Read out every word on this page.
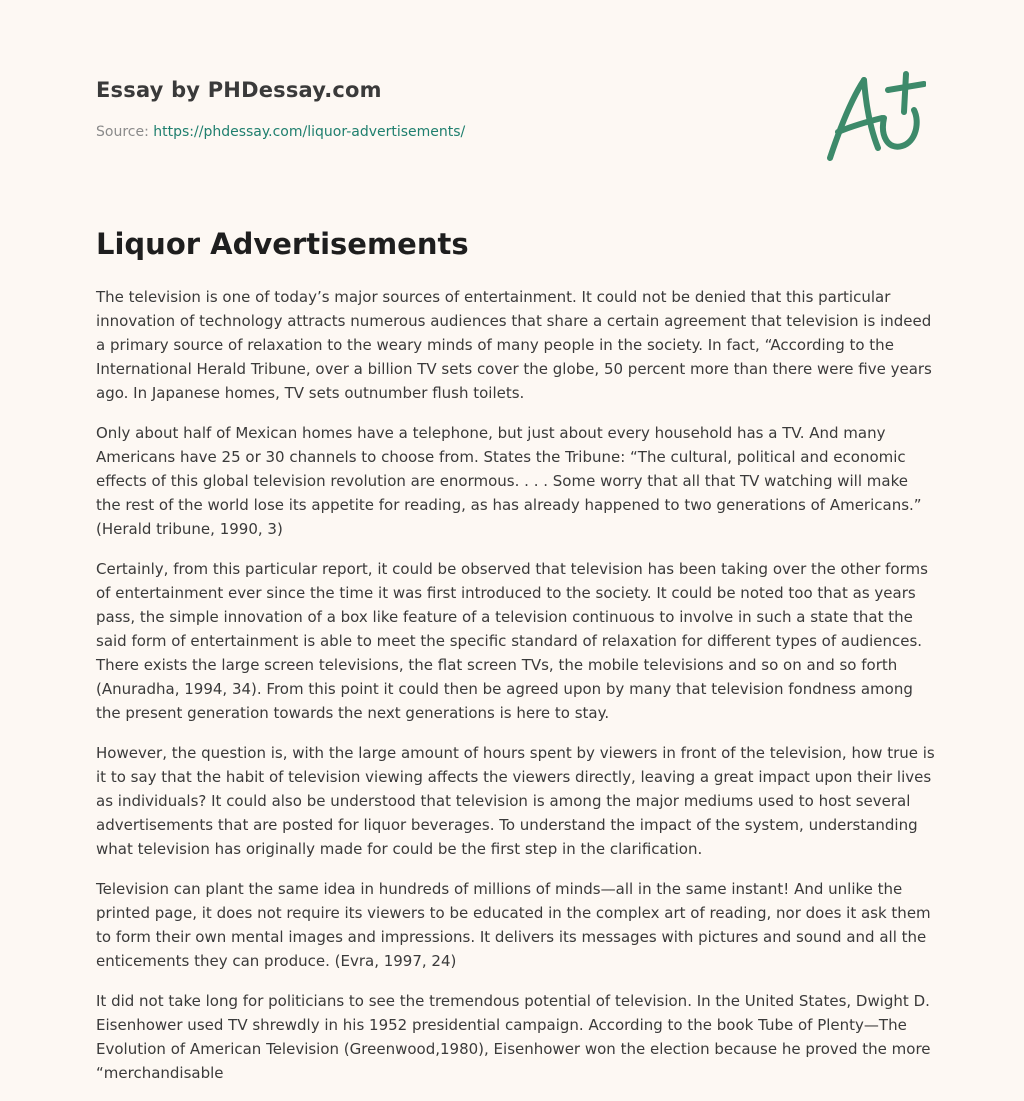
Essay by PHDessay.com
Source: https://phdessay.com/liquor-advertisements/
Liquor Advertisements

The television is one of today’s major sources of entertainment. It could not be denied that this particular innovation of technology attracts numerous audiences that share a certain agreement that television is indeed a primary source of relaxation to the weary minds of many people in the society. In fact, “According to the International Herald Tribune, over a billion TV sets cover the globe, 50 percent more than there were five years ago. In Japanese homes, TV sets outnumber flush toilets.

Only about half of Mexican homes have a telephone, but just about every household has a TV. And many Americans have 25 or 30 channels to choose from. States the Tribune: “The cultural, political and economic effects of this global television revolution are enormous. . . . Some worry that all that TV watching will make the rest of the world lose its appetite for reading, as has already happened to two generations of Americans.” (Herald tribune, 1990, 3)

Certainly, from this particular report, it could be observed that television has been taking over the other forms of entertainment ever since the time it was first introduced to the society. It could be noted too that as years pass, the simple innovation of a box like feature of a television continuous to involve in such a state that the said form of entertainment is able to meet the specific standard of relaxation for different types of audiences. There exists the large screen televisions, the flat screen TVs, the mobile televisions and so on and so forth (Anuradha, 1994, 34). From this point it could then be agreed upon by many that television fondness among the present generation towards the next generations is here to stay.

However, the question is, with the large amount of hours spent by viewers in front of the television, how true is it to say that the habit of television viewing affects the viewers directly, leaving a great impact upon their lives as individuals? It could also be understood that television is among the major mediums used to host several advertisements that are posted for liquor beverages. To understand the impact of the system, understanding what television has originally made for could be the first step in the clarification.

Television can plant the same idea in hundreds of millions of minds—all in the same instant! And unlike the printed page, it does not require its viewers to be educated in the complex art of reading, nor does it ask them to form their own mental images and impressions. It delivers its messages with pictures and sound and all the enticements they can produce. (Evra, 1997, 24)

It did not take long for politicians to see the tremendous potential of television. In the United States, Dwight D. Eisenhower used TV shrewdly in his 1952 presidential campaign. According to the book Tube of Plenty—The Evolution of American Television (Greenwood,1980), Eisenhower won the election because he proved the more “merchandisable
